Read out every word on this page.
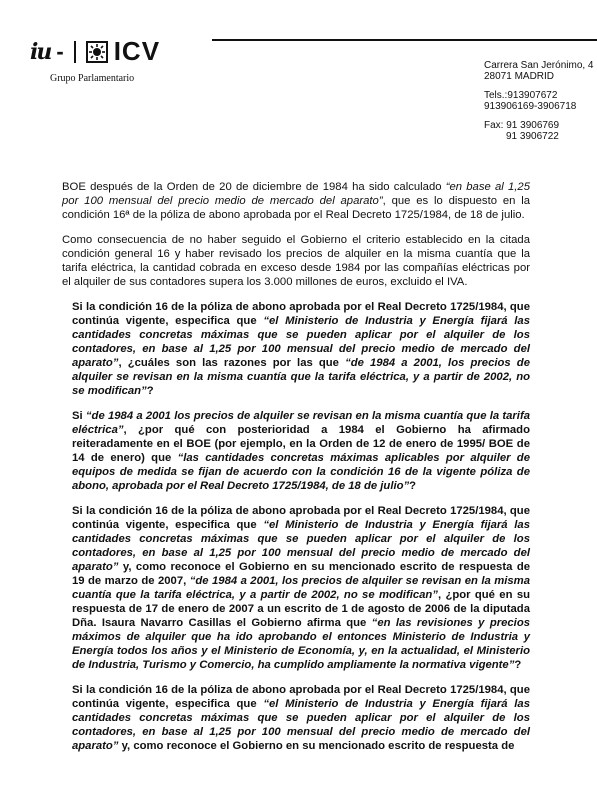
iu - ICV
Grupo Parlamentario
Carrera San Jerónimo, 4
28071 MADRID
Tels.:913907672
913906169-3906718
Fax: 91 3906769
91 3906722

BOE después de la Orden de 20 de diciembre de 1984 ha sido calculado “en base al 1,25 por 100 mensual del precio medio de mercado del aparato”, que es lo dispuesto en la condición 16ª de la póliza de abono aprobada por el Real Decreto 1725/1984, de 18 de julio.

Como consecuencia de no haber seguido el Gobierno el criterio establecido en la citada condición general 16 y haber revisado los precios de alquiler en la misma cuantía que la tarifa eléctrica, la cantidad cobrada en exceso desde 1984 por las compañías eléctricas por el alquiler de sus contadores supera los 3.000 millones de euros, excluido el IVA.

Si la condición 16 de la póliza de abono aprobada por el Real Decreto 1725/1984, que continúa vigente, especifica que “el Ministerio de Industria y Energía fijará las cantidades concretas máximas que se pueden aplicar por el alquiler de los contadores, en base al 1,25 por 100 mensual del precio medio de mercado del aparato”, ¿cuáles son las razones por las que “de 1984 a 2001, los precios de alquiler se revisan en la misma cuantía que la tarifa eléctrica, y a partir de 2002, no se modifican”?

Si “de 1984 a 2001 los precios de alquiler se revisan en la misma cuantía que la tarifa eléctrica”, ¿por qué con posterioridad a 1984 el Gobierno ha afirmado reiteradamente en el BOE (por ejemplo, en la Orden de 12 de enero de 1995/ BOE de 14 de enero) que “las cantidades concretas máximas aplicables por alquiler de equipos de medida se fijan de acuerdo con la condición 16 de la vigente póliza de abono, aprobada por el Real Decreto 1725/1984, de 18 de julio”?

Si la condición 16 de la póliza de abono aprobada por el Real Decreto 1725/1984, que continúa vigente, especifica que “el Ministerio de Industria y Energía fijará las cantidades concretas máximas que se pueden aplicar por el alquiler de los contadores, en base al 1,25 por 100 mensual del precio medio de mercado del aparato” y, como reconoce el Gobierno en su mencionado escrito de respuesta de 19 de marzo de 2007, “de 1984 a 2001, los precios de alquiler se revisan en la misma cuantía que la tarifa eléctrica, y a partir de 2002, no se modifican”, ¿por qué en su respuesta de 17 de enero de 2007 a un escrito de 1 de agosto de 2006 de la diputada Dña. Isaura Navarro Casillas el Gobierno afirma que “en las revisiones y precios máximos de alquiler que ha ido aprobando el entonces Ministerio de Industria y Energía todos los años y el Ministerio de Economía, y, en la actualidad, el Ministerio de Industria, Turismo y Comercio, ha cumplido ampliamente la normativa vigente”?

Si la condición 16 de la póliza de abono aprobada por el Real Decreto 1725/1984, que continúa vigente, especifica que “el Ministerio de Industria y Energía fijará las cantidades concretas máximas que se pueden aplicar por el alquiler de los contadores, en base al 1,25 por 100 mensual del precio medio de mercado del aparato” y, como reconoce el Gobierno en su mencionado escrito de respuesta de
